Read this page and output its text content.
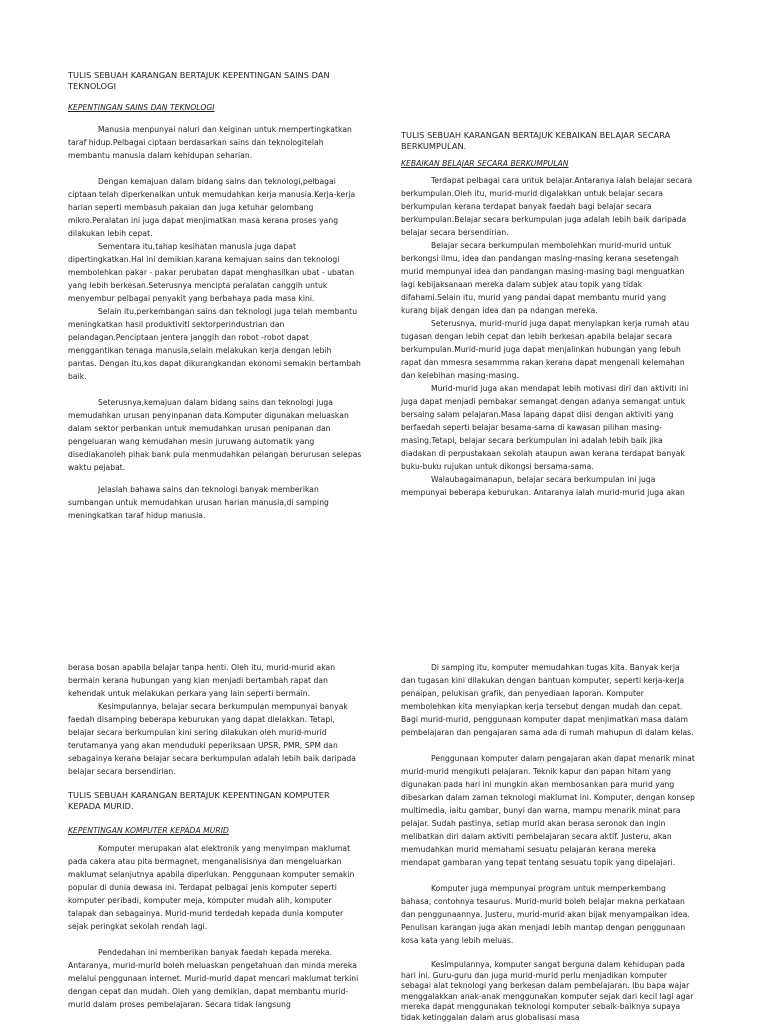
TULIS SEBUAH KARANGAN BERTAJUK KEPENTINGAN SAINS DAN TEKNOLOGI

KEPENTINGAN SAINS DAN TEKNOLOGI

Manusia menpunyai naluri dan keiginan untuk mempertingkatkan taraf hidup.Pelbagai ciptaan berdasarkan sains dan teknologitelah membantu manusia dalam kehidupan seharian.

Dengan kemajuan dalam bidang sains dan teknologi,pelbagai ciptaan telah diperkenalkan untuk memudahkan kerja manusia.Kerja-kerja harian seperti membasuh pakaian dan juga ketuhar gelombang mikro.Peralatan ini juga dapat menjimatkan masa kerana proses yang dilakukan lebih cepat.

Sementara itu,tahap kesihatan manusia juga dapat dipertingkatkan.Hal ini demikian karana kemajuan sains dan teknologi membolehkan pakar - pakar perubatan dapat menghasilkan ubat - ubatan yang lebih berkesan.Seterusnya mencipta peralatan canggih untuk menyembur pelbagai penyakit yang berbahaya pada masa kini.

Selain itu,perkembangan sains dan teknologi juga telah membantu meningkatkan hasil produktiviti sektorperindustrian dan pelandagan.Penciptaan jentera janggih dan robot -robot dapat menggantikan tenaga manusia,selain melakukan kerja dengan lebih pantas. Dengan itu,kos dapat dikurangkandan ekonomi semakin bertambah baik.

Seterusnya,kemajuan dalam bidang sains dan teknologi juga memudahkan urusan penyinpanan data.Komputer digunakan meluaskan dalam sektor perbankan untuk memudahkan urusan penipanan dan pengeluaran wang kemudahan mesin juruwang automatik yang disediakanoleh pihak bank pula menmudahkan pelangan berurusan selepas waktu pejabat.

Jelaslah bahawa sains dan teknologi banyak memberikan sumbangan untuk memudahkan urusan harian manusia,di samping meningkatkan taraf hidup manusia.

TULIS SEBUAH KARANGAN BERTAJUK KEBAIKAN BELAJAR SECARA BERKUMPULAN.

KEBAIKAN BELAJAR SECARA BERKUMPULAN

Terdapat pelbagai cara untuk belajar.Antaranya ialah belajar secara berkumpulan.Oleh itu, murid-murid digalakkan untuk belajar secara berkumpulan kerana terdapat banyak faedah bagi belajar secara berkumpulan.Belajar secara berkumpulan juga adalah lebih baik daripada belajar secara bersendirian.

Belajar secara berkumpulan membolehkan murid-murid untuk berkongsi ilmu, idea dan pandangan masing-masing kerana sesetengah murid mempunyai idea dan pandangan masing-masing bagi menguatkan lagi kebijaksanaan mereka dalam subjek atau topik yang tidak difahami.Selain itu, murid yang pandai dapat membantu murid yang kurang bijak dengan idea dan pa ndangan mereka.

Seterusnya, murid-murid juga dapat menyiapkan kerja rumah atau tugasan dengan lebih cepat dan lebih berkesan apabila belajar secara berkumpulan.Murid-murid juga dapat menjalinkan hubungan yang lebuh rapat dan mmesra sesammma rakan kerana dapat mengenali kelemahan dan kelebihan masing-masing.

Murid-murid juga akan mendapat lebih motivasi diri dan aktiviti ini juga dapat menjadi pembakar semangat dengan adanya semangat untuk bersaing salam pelajaran.Masa lapang dapat diisi dengan aktiviti yang berfaedah seperti belajar besama-sama di kawasan pilihan masing-masing.Tetapi, belajar secara berkumpulan ini adalah lebih baik jika diadakan di perpustakaan sekolah ataupun awan kerana terdapat banyak buku-buku rujukan untuk dikongsi bersama-sama.

Walaubagaimanapun, belajar secara berkumpulan ini juga mempunyai beberapa keburukan. Antaranya ialah murid-murid juga akan

berasa bosan apabila belajar tanpa henti. Oleh itu, murid-murid akan bermain kerana hubungan yang kian menjadi bertambah rapat dan kehendak untuk melakukan perkara yang lain seperti bermain.

Kesimpulannya, belajar secara berkumpulan mempunyai banyak faedah disamping beberapa keburukan yang dapat dielakkan. Tetapi, belajar secara berkumpulan kini sering dilakukan oleh murid-murid terutamanya yang akan menduduki peperiksaan UPSR, PMR, SPM dan sebagainya kerana belajar secara berkumpulan adalah lebih baik daripada belajar secara bersendirian.

TULIS SEBUAH KARANGAN BERTAJUK KEPENTINGAN KOMPUTER KEPADA MURID.

KEPENTINGAN KOMPUTER KEPADA MURID

Komputer merupakan alat elektronik yang menyimpan maklumat pada cakera atau pita bermagnet, menganalisisnya dan mengeluarkan maklumat selanjutnya apabila diperlukan. Penggunaan komputer semakin popular di dunia dewasa ini. Terdapat pelbagai jenis komputer seperti komputer peribadi, komputer meja, komputer mudah alih, komputer talapak dan sebagainya. Murid-murid terdedah kepada dunia komputer sejak peringkat sekolah rendah lagi.

Pendedahan ini memberikan banyak faedah kepada mereka. Antaranya, murid-murid boleh meluaskan pengetahuan dan minda mereka melalui penggunaan internet. Murid-murid dapat mencari maklumat terkini dengan cepat dan mudah. Oleh yang demikian, dapat membantu murid-murid dalam proses pembelajaran. Secara tidak langsung

Di samping itu, komputer memudahkan tugas kita. Banyak kerja dan tugasan kini dilakukan dengan bantuan komputer, seperti kerja-kerja penaipan, pelukisan grafik, dan penyediaan laporan. Komputer membolehkan kita menyiapkan kerja tersebut dengan mudah dan cepat. Bagi murid-murid, penggunaan komputer dapat menjimatkan masa dalam pembelajaran dan pengajaran sama ada di rumah mahupun di dalam kelas.

Penggunaan komputer dalam pengajaran akan dapat menarik minat murid-murid mengikuti pelajaran. Teknik kapur dan papan hitam yang digunakan pada hari ini mungkin akan membosankan para murid yang dibesarkan dalam zaman teknologi maklumat ini. Komputer, dengan konsep multimedia, iaitu gambar, bunyi dan warna, mampu menarik minat para pelajar. Sudah pastinya, setiap murid akan berasa seronok dan ingin melibatkan diri dalam aktiviti pembelajaran secara aktif. Justeru, akan memudahkan murid memahami sesuatu pelajaran kerana mereka mendapat gambaran yang tepat tentang sesuatu topik yang dipelajari.

Komputer juga mempunyai program untuk memperkembang bahasa, contohnya tesaurus. Murid-murid boleh belajar makna perkataan dan penggunaannya. Justeru, murid-murid akan bijak menyampaikan idea. Penulisan karangan juga akan menjadi lebih mantap dengan penggunaan kosa kata yang lebih meluas.

Kesimpulannya, komputer sangat berguna dalam kehidupan pada hari ini. Guru-guru dan juga murid-murid perlu menjadikan komputer sebagai alat teknologi yang berkesan dalam pembelajaran. Ibu bapa wajar menggalakkan anak-anak menggunakan komputer sejak dari kecil lagi agar mereka dapat menggunakan teknologi komputer sebaik-baiknya supaya tidak ketinggalan dalam arus globalisasi masa
